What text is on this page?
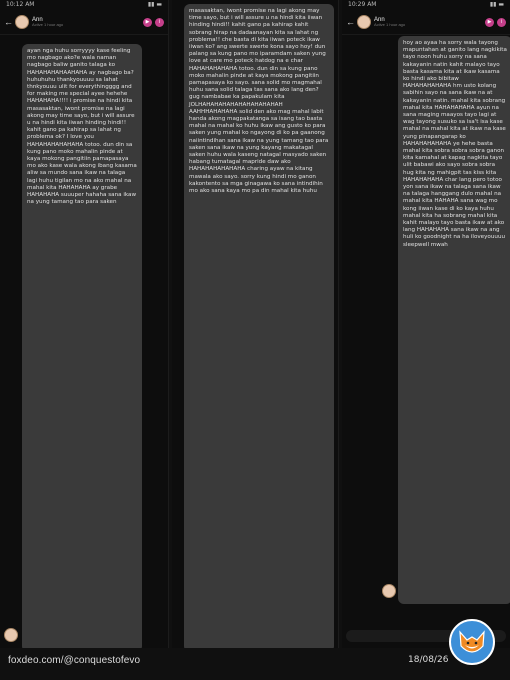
10:12 AM	▮▮ ▬
←	Ann
Active 1 hour ago	▶	i
ayan nga huhu sorryyyy kase feeling mo nagbago ako?e wala naman nagbago baliw ganito talaga ko HAHAHAHAHAAHAHA ay nagbago ba?huhuhuhu thankyouuuu sa lahat thnkyouuu ulit for everythingggg and for making me special ayee hehehe HAHAHAHA!!!! i promise na hindi kita masasaktan, iwont promise na lagi akong may time sayo, but i will assure u na hindi kita iiwan hinding hindi!! kahit gano pa kahirap sa lahat ng problema ok? I love you HAHAHAHAHAHAHA totoo. dun din sa kung pano moko mahalin pinde at kaya mokong pangitiin pamapasaya mo ako kase wala akong ibang kasama aliw sa mundo sana ikaw na talaga lagi huhu tigilan mo na ako mahal na mahal kita HAHAHAHA ay grabe HAHAHAHA suuuper hahaha sana ikaw na yung tamang tao para saken
masasaktan, iwont promise na lagi akong may time sayo, but i will assure u na hindi kita iiwan hinding hindi!! kahit gano pa kahirap kahit sobrang hirap na dadaanayan kita sa lahat ng problema!! che basta di kita iiwan poteck ikaw iiwan ko? ang swerte swerte kona sayo hoy! dun palang sa kung pano mo iparamdam saken yung love at care mo poteck hatdog na e char HAHAHAHAHAHA totoo. dun din sa kung pano moko mahalin pinde at kaya mokong pangitiin pamapasaya ko sayo. sana solid mo magmahal huhu sana solid talaga tas sana ako lang den?gug nambabae ka papakulam kita JOLHAHAHAHAHAHAHAHAHAHAH AAHHHAHAHAHA solid den ako mag mahal labit handa akong magpakatanga sa isang tao basta mahal na mahal ko huhu ikaw ang gusto ko para saken yung mahal ko ngayong di ko pa gaanong naiintindihan sana ikaw na yung tamang tao para saken sana ikaw na yung kayang makatagal saken huhu wala kaseng natagal masyado saken habang tumatagal mapride daw ako HAHAHAHAHAHAHA charing ayaw na kitang mawala ako sayo. sorry kung hindi mo ganon kakontento sa mga ginagawa ko sana intindihin mo ako sana kaya mo pa din mahal kita huhu
10:29 AM	▮▮ ▬
←	Ann
Active 1 hour ago	▶	i
hoy ao ayaa ha sorry wala tayong mapuntahan at ganito lang nagkikita tayo noon huhu sorry na sana kakayanin natin kahit malayo tayo basta kasama kita at ikaw kasama ko hindi ako bibitaw HAHAHAHAHAHA hm usto kolang sabihin sayo na sana ikaw na at kakayanin natin. mahal kita sobrang mahal kita HAHAHAHAHA ayun na sana maging maayos tayo lagi at wag tayong susuko sa isa't isa kase mahal na mahal kita at ikaw na kase yung pinapangarap ko HAHAHAHAHAHA ye hehe basta mahal kita sobra sobra sobra ganon kita kamahal at kapag nagkita tayo ulit babawi ako sayo sobra sobra hug kita ng mahigpit tas kiss kita HAHAHAHAHA char lang pero totoo yon sana ikaw na talaga sana ikaw na talaga hanggang dulo mahal na mahal kita HAHAHA sana wag mo kong iiwan kase di ko kaya huhu mahal kita ha sobrang mahal kita kahit malayo tayo basta ikaw at ako lang HAHAHAHA sana ikaw na ang huli ko goodnight na ha iloveyouuuu sleepwell mwah
foxdeo.com/@conquestofevo	18/08/26
